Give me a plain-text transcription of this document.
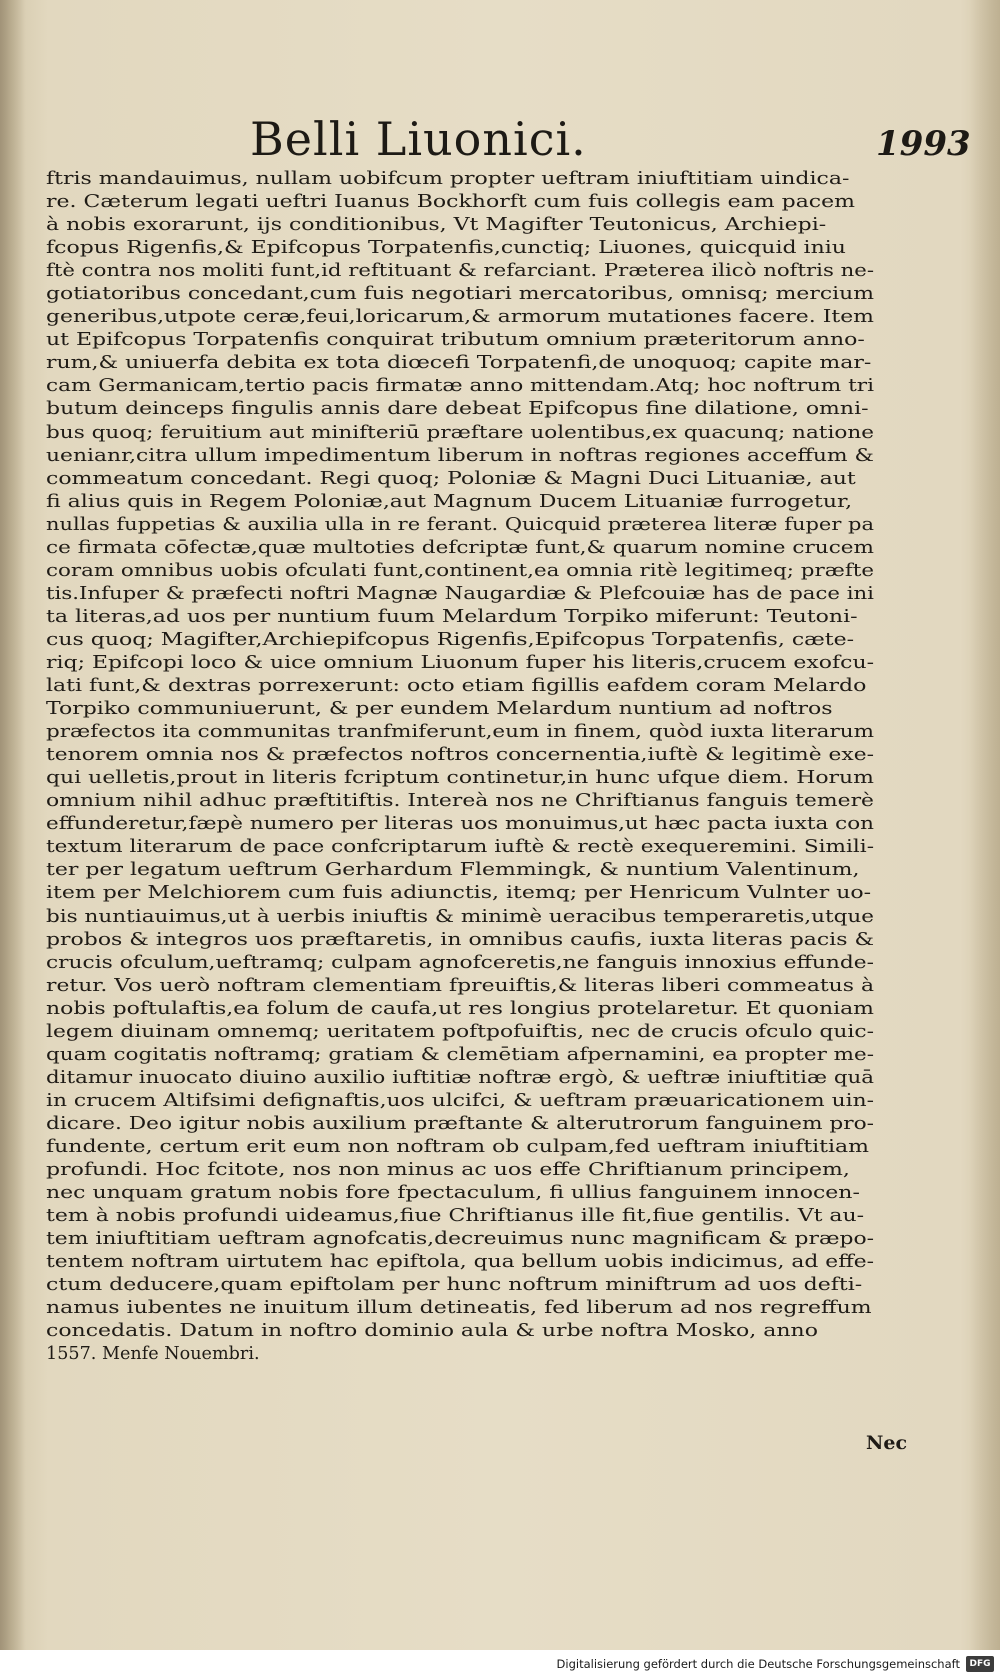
Belli Liuonici.	1993
ftris mandauimus, nullam uobifcum propter ueftram iniuftitiam uindica-
re. Cæterum legati ueftri Iuanus Bockhorft cum fuis collegis eam pacem
à nobis exorarunt, ijs conditionibus, Vt Magifter Teutonicus, Archiepi-
fcopus Rigenfis,& Epifcopus Torpatenfis,cunctiq; Liuones, quicquid iniu
ftè contra nos moliti funt,id reftituant & refarciant. Præterea ilicò noftris ne-
gotiatoribus concedant,cum fuis negotiari mercatoribus, omnisq; mercium
generibus,utpote ceræ,feui,loricarum,& armorum mutationes facere. Item
ut Epifcopus Torpatenfis conquirat tributum omnium præteritorum anno-
rum,& uniuerfa debita ex tota diœcefi Torpatenfi,de unoquoq; capite mar-
cam Germanicam,tertio pacis firmatæ anno mittendam.Atq; hoc noftrum tri
butum deinceps fingulis annis dare debeat Epifcopus fine dilatione, omni-
bus quoq; feruitium aut minifteriū præftare uolentibus,ex quacunq; natione
uenianr,citra ullum impedimentum liberum in noftras regiones acceffum &
commeatum concedant. Regi quoq; Poloniæ & Magni Duci Lituaniæ, aut
fi alius quis in Regem Poloniæ,aut Magnum Ducem Lituaniæ furrogetur,
nullas fuppetias & auxilia ulla in re ferant. Quicquid præterea literæ fuper pa
ce firmata cōfectæ,quæ multoties defcriptæ funt,& quarum nomine crucem
coram omnibus uobis ofculati funt,continent,ea omnia ritè legitimeq; præfte
tis.Infuper & præfecti noftri Magnæ Naugardiæ & Plefcouiæ has de pace ini
ta literas,ad uos per nuntium fuum Melardum Torpiko miferunt: Teutoni-
cus quoq; Magifter,Archiepifcopus Rigenfis,Epifcopus Torpatenfis, cæte-
riq; Epifcopi loco & uice omnium Liuonum fuper his literis,crucem exofcu-
lati funt,& dextras porrexerunt: octo etiam figillis eafdem coram Melardo
Torpiko communiuerunt, & per eundem Melardum nuntium ad noftros
præfectos ita communitas tranfmiferunt,eum in finem, quòd iuxta literarum
tenorem omnia nos & præfectos noftros concernentia,iuftè & legitimè exe-
qui uelletis,prout in literis fcriptum continetur,in hunc ufque diem. Horum
omnium nihil adhuc præftitiftis. Intereà nos ne Chriftianus fanguis temerè
effunderetur,fæpè numero per literas uos monuimus,ut hæc pacta iuxta con
textum literarum de pace confcriptarum iuftè & rectè exequeremini. Simili-
ter per legatum ueftrum Gerhardum Flemmingk, & nuntium Valentinum,
item per Melchiorem cum fuis adiunctis, itemq; per Henricum Vulnter uo-
bis nuntiauimus,ut à uerbis iniuftis & minimè ueracibus temperaretis,utque
probos & integros uos præftaretis, in omnibus caufis, iuxta literas pacis &
crucis ofculum,ueftramq; culpam agnofceretis,ne fanguis innoxius effunde-
retur. Vos uerò noftram clementiam fpreuiftis,& literas liberi commeatus à
nobis poftulaftis,ea folum de caufa,ut res longius protelaretur. Et quoniam
legem diuinam omnemq; ueritatem poftpofuiftis, nec de crucis ofculo quic-
quam cogitatis noftramq; gratiam & clemētiam afpernamini, ea propter me-
ditamur inuocato diuino auxilio iuftitiæ noftræ ergò, & ueftræ iniuftitiæ quā
in crucem Altifsimi defignaftis,uos ulcifci, & ueftram præuaricationem uin-
dicare. Deo igitur nobis auxilium præftante & alterutrorum fanguinem pro-
fundente, certum erit eum non noftram ob culpam,fed ueftram iniuftitiam
profundi. Hoc fcitote, nos non minus ac uos effe Chriftianum principem,
nec unquam gratum nobis fore fpectaculum, fi ullius fanguinem innocen-
tem à nobis profundi uideamus,fiue Chriftianus ille fit,fiue gentilis. Vt au-
tem iniuftitiam ueftram agnofcatis,decreuimus nunc magnificam & præpo-
tentem noftram uirtutem hac epiftola, qua bellum uobis indicimus, ad effe-
ctum deducere,quam epiftolam per hunc noftrum miniftrum ad uos defti-
namus iubentes ne inuitum illum detineatis, fed liberum ad nos regreffum
concedatis. Datum in noftro dominio aula & urbe noftra Mosko, anno
1557. Menfe Nouembri.
Nec
Digitalisierung gefördert durch die Deutsche Forschungsgemeinschaft	DFG
